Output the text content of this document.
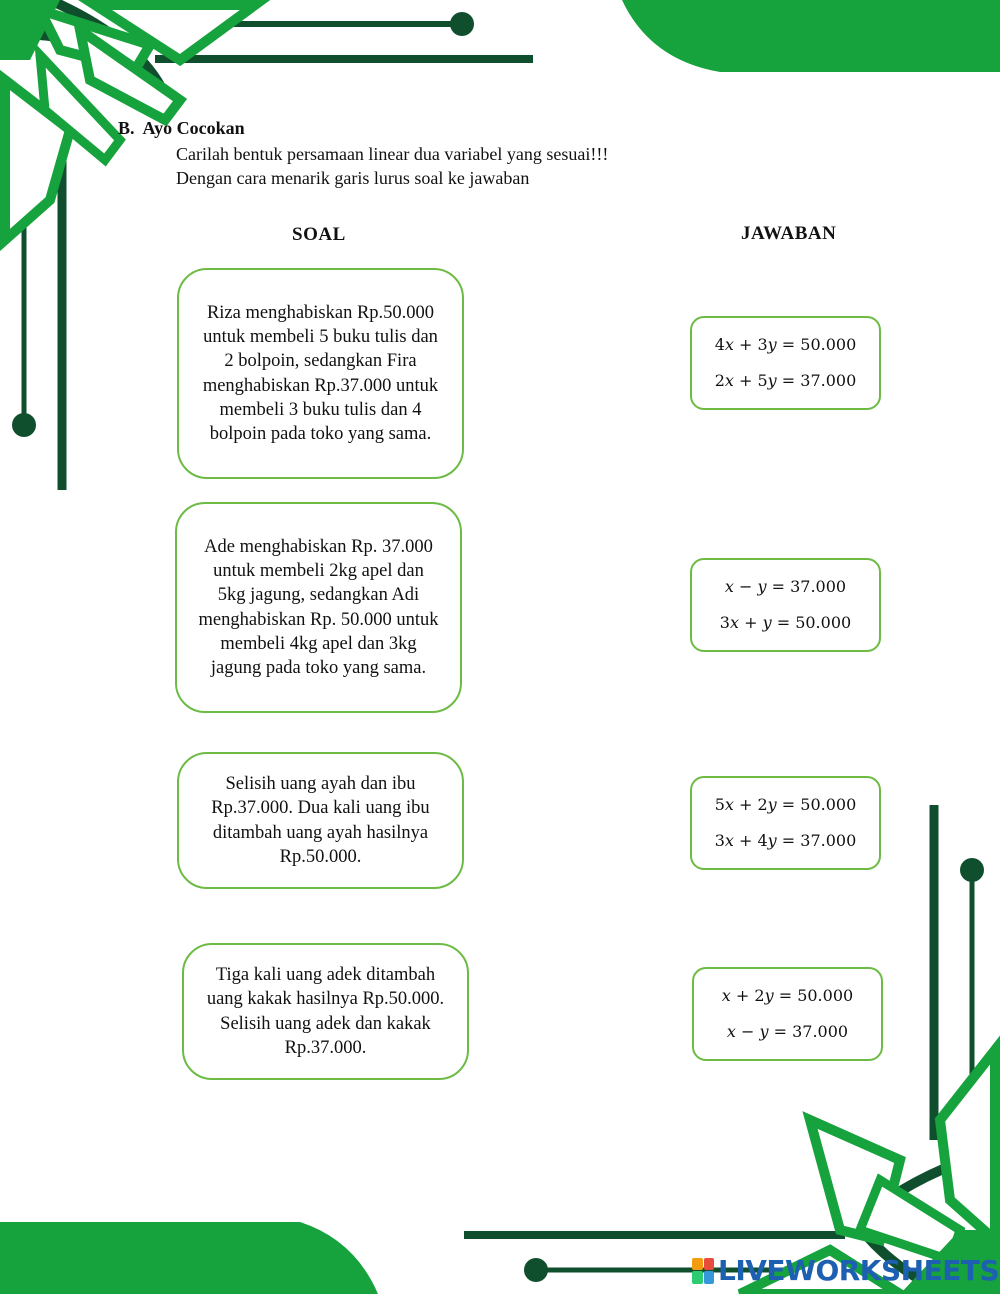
B.  Ayo Cocokan
Carilah bentuk persamaan linear dua variabel yang sesuai!!!
Dengan cara menarik garis lurus soal ke jawaban
SOAL	JAWABAN
Riza menghabiskan Rp.50.000 untuk membeli 5 buku tulis dan 2 bolpoin, sedangkan Fira menghabiskan Rp.37.000 untuk membeli 3 buku tulis dan 4 bolpoin pada toko yang sama.
Ade menghabiskan Rp. 37.000 untuk membeli 2kg apel dan 5kg jagung, sedangkan Adi menghabiskan Rp. 50.000 untuk membeli 4kg apel dan 3kg jagung pada toko yang sama.
Selisih uang ayah dan ibu Rp.37.000. Dua kali uang ibu ditambah uang ayah hasilnya Rp.50.000.
Tiga kali uang adek ditambah uang kakak hasilnya Rp.50.000. Selisih uang adek dan kakak Rp.37.000.
4𝑥 + 3𝑦 = 50.000
2𝑥 + 5𝑦 = 37.000
𝑥 − 𝑦 = 37.000
3𝑥 + 𝑦 = 50.000
5𝑥 + 2𝑦 = 50.000
3𝑥 + 4𝑦 = 37.000
𝑥 + 2𝑦 = 50.000
𝑥 − 𝑦 = 37.000
LIVEWORKSHEETS
